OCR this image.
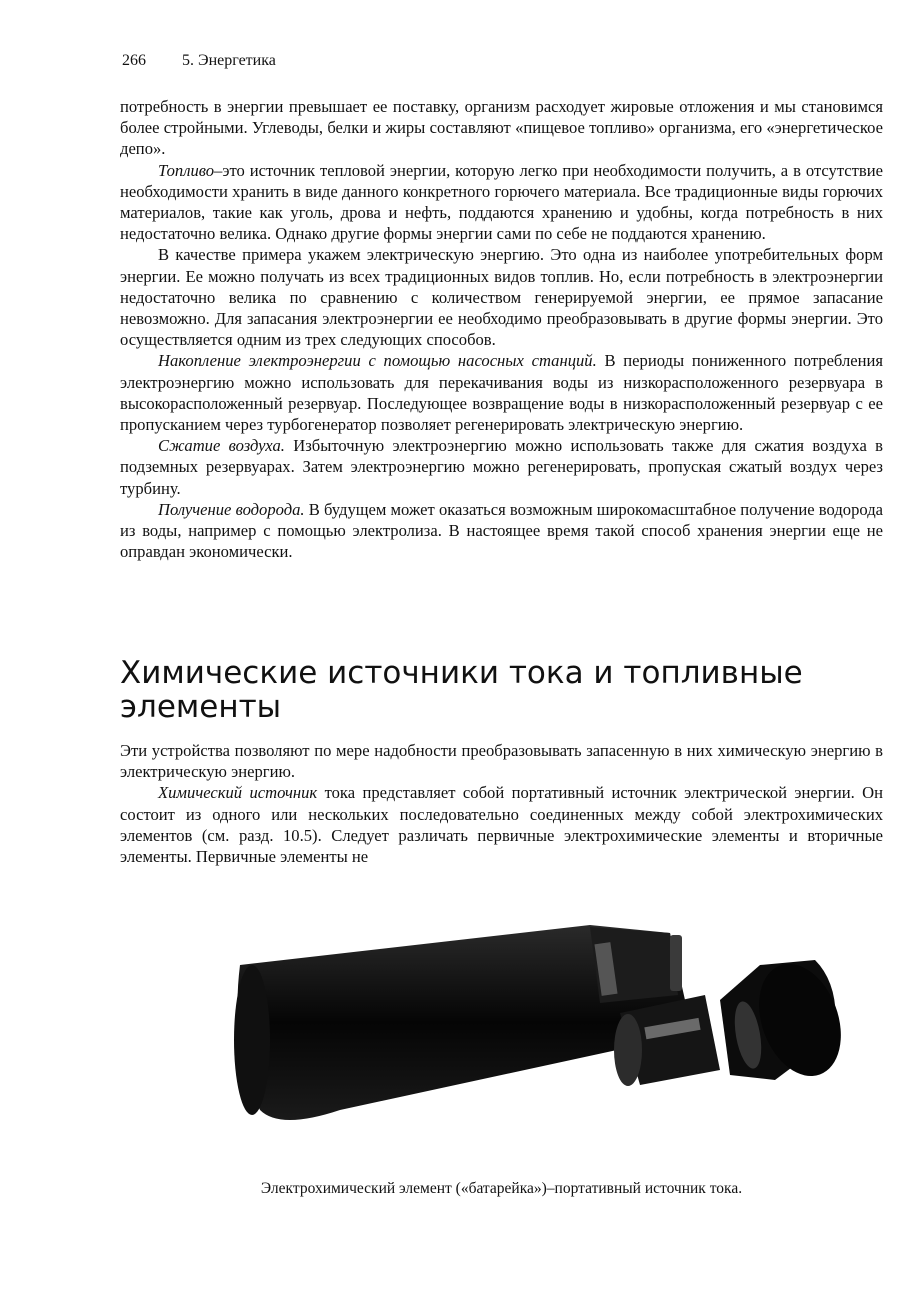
266 5. Энергетика

потребность в энергии превышает ее поставку, организм расходует жировые отложения и мы становимся более стройными. Углеводы, белки и жиры составляют «пищевое топливо» организма, его «энергетическое депо».

Топливо–это источник тепловой энергии, которую легко при необходимости получить, а в отсутствие необходимости хранить в виде данного конкретного горючего материала. Все традиционные виды горючих материалов, такие как уголь, дрова и нефть, поддаются хранению и удобны, когда потребность в них недостаточно велика. Однако другие формы энергии сами по себе не поддаются хранению.

В качестве примера укажем электрическую энергию. Это одна из наиболее употребительных форм энергии. Ее можно получать из всех традиционных видов топлив. Но, если потребность в электроэнергии недостаточно велика по сравнению с количеством генерируемой энергии, ее прямое запасание невозможно. Для запасания электроэнергии ее необходимо преобразовывать в другие формы энергии. Это осуществляется одним из трех следующих способов.

Накопление электроэнергии с помощью насосных станций. В периоды пониженного потребления электроэнергию можно использовать для перекачивания воды из низкорасположенного резервуара в высокорасположенный резервуар. Последующее возвращение воды в низкорасположенный резервуар с ее пропусканием через турбогенератор позволяет регенерировать электрическую энергию.

Сжатие воздуха. Избыточную электроэнергию можно использовать также для сжатия воздуха в подземных резервуарах. Затем электроэнергию можно регенерировать, пропуская сжатый воздух через турбину.

Получение водорода. В будущем может оказаться возможным широкомасштабное получение водорода из воды, например с помощью электролиза. В настоящее время такой способ хранения энергии еще не оправдан экономически.

Химические источники тока и топливные элементы

Эти устройства позволяют по мере надобности преобразовывать запасенную в них химическую энергию в электрическую энергию.

Химический источник тока представляет собой портативный источник электрической энергии. Он состоит из одного или нескольких последовательно соединенных между собой электрохимических элементов (см. разд. 10.5). Следует различать первичные электрохимические элементы и вторичные элементы. Первичные элементы не

Электрохимический элемент («батарейка»)–портативный источник тока.
